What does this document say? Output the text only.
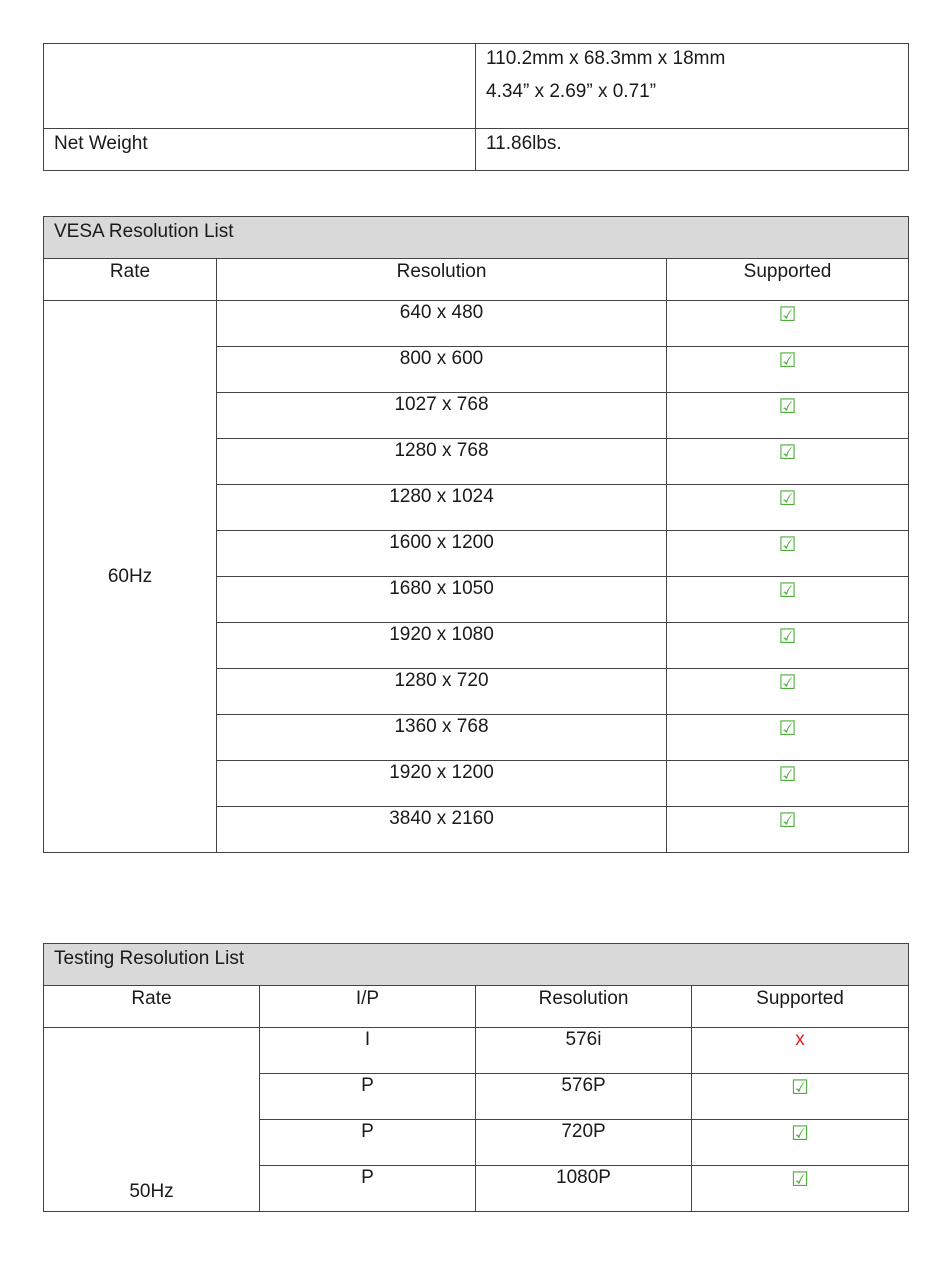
	110.2mm x 68.3mm x 18mm
4.34” x 2.69” x 0.71”

Net Weight	11.86lbs.
VESA Resolution List		
Rate	Resolution	Supported
60Hz	640 x 480	☑
	800 x 600	☑
	1027 x 768	☑
	1280 x 768	☑
	1280 x 1024	☑
	1600 x 1200	☑
	1680 x 1050	☑
	1920 x 1080	☑
	1280 x 720	☑
	1360 x 768	☑
	1920 x 1200	☑
	3840 x 2160	☑
Testing Resolution List			
Rate	I/P	Resolution	Supported
50Hz	I	576i	x
	P	576P	☑
	P	720P	☑
	P	1080P	☑
